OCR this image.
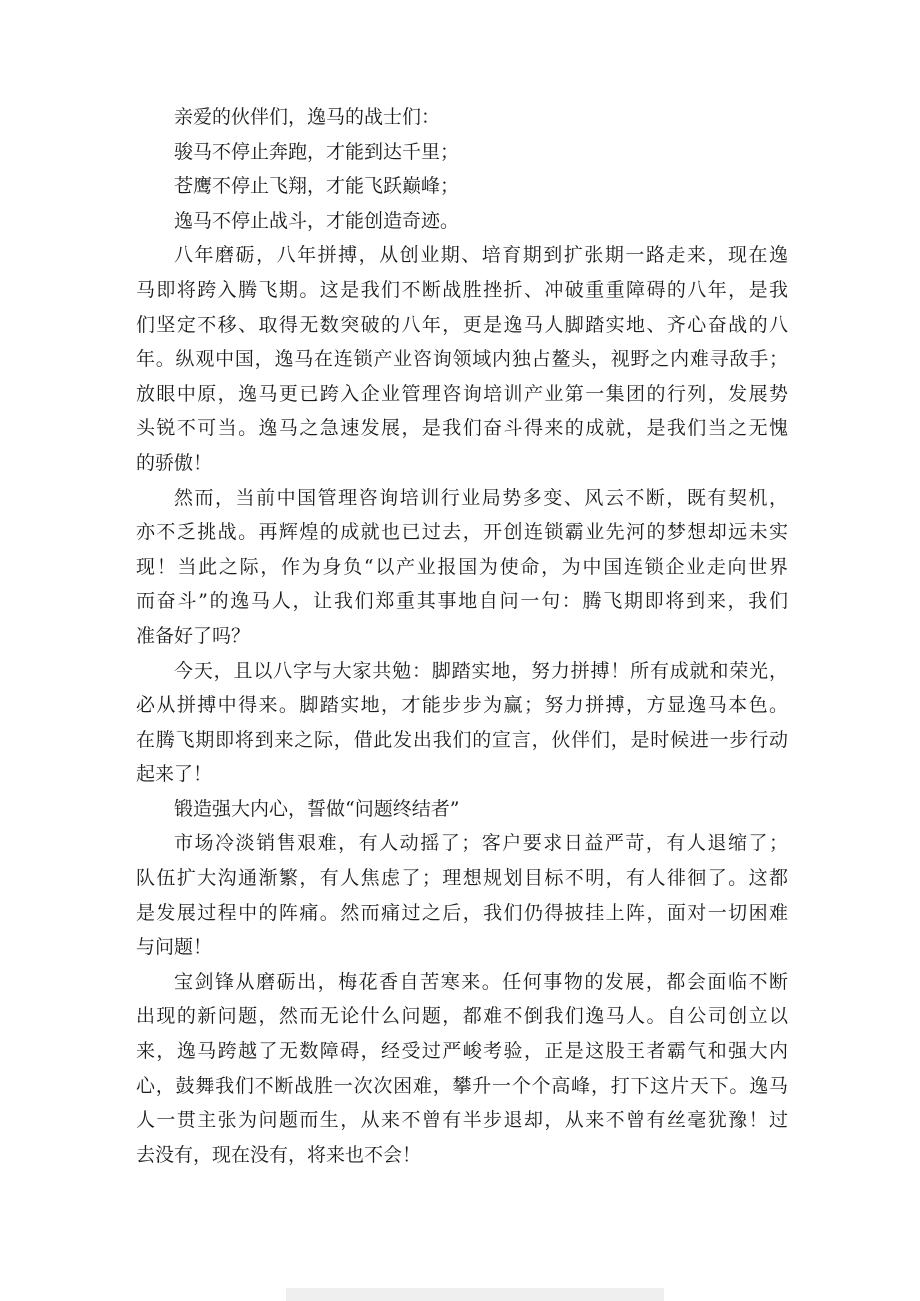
亲爱的伙伴们，逸马的战士们：
骏马不停止奔跑，才能到达千里；
苍鹰不停止飞翔，才能飞跃巅峰；
逸马不停止战斗，才能创造奇迹。
八年磨砺，八年拼搏，从创业期、培育期到扩张期一路走来，现在逸
马即将跨入腾飞期。这是我们不断战胜挫折、冲破重重障碍的八年，是我
们坚定不移、取得无数突破的八年，更是逸马人脚踏实地、齐心奋战的八
年。纵观中国，逸马在连锁产业咨询领域内独占鳌头，视野之内难寻敌手；
放眼中原，逸马更已跨入企业管理咨询培训产业第一集团的行列，发展势
头锐不可当。逸马之急速发展，是我们奋斗得来的成就，是我们当之无愧
的骄傲！
然而，当前中国管理咨询培训行业局势多变、风云不断，既有契机，
亦不乏挑战。再辉煌的成就也已过去，开创连锁霸业先河的梦想却远未实
现！当此之际，作为身负“以产业报国为使命，为中国连锁企业走向世界
而奋斗”的逸马人，让我们郑重其事地自问一句：腾飞期即将到来，我们
准备好了吗？
今天，且以八字与大家共勉：脚踏实地，努力拼搏！所有成就和荣光，
必从拼搏中得来。脚踏实地，才能步步为赢；努力拼搏，方显逸马本色。
在腾飞期即将到来之际，借此发出我们的宣言，伙伴们，是时候进一步行动
起来了！
锻造强大内心，誓做“问题终结者”
市场冷淡销售艰难，有人动摇了；客户要求日益严苛，有人退缩了；
队伍扩大沟通渐繁，有人焦虑了；理想规划目标不明，有人徘徊了。这都
是发展过程中的阵痛。然而痛过之后，我们仍得披挂上阵，面对一切困难
与问题！
宝剑锋从磨砺出，梅花香自苦寒来。任何事物的发展，都会面临不断
出现的新问题，然而无论什么问题，都难不倒我们逸马人。自公司创立以
来，逸马跨越了无数障碍，经受过严峻考验，正是这股王者霸气和强大内
心，鼓舞我们不断战胜一次次困难，攀升一个个高峰，打下这片天下。逸马
人一贯主张为问题而生，从来不曾有半步退却，从来不曾有丝毫犹豫！过
去没有，现在没有，将来也不会！
